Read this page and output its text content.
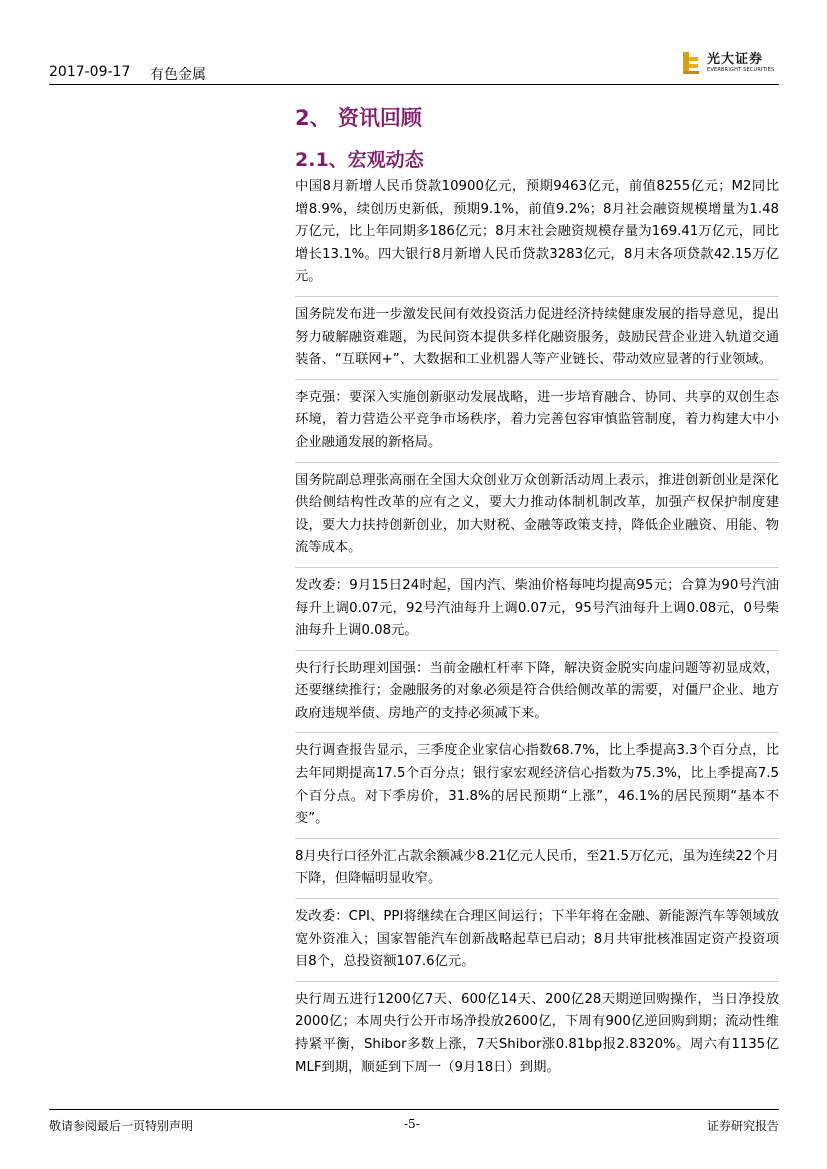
2017-09-17 有色金属
光大证券
EVERBRIGHT SECURITIES
2、 资讯回顾
2.1、宏观动态

中国8月新增人民币贷款10900亿元，预期9463亿元，前值8255亿元；M2同比增8.9%，续创历史新低，预期9.1%，前值9.2%；8月社会融资规模增量为1.48万亿元，比上年同期多186亿元；8月末社会融资规模存量为169.41万亿元，同比增长13.1%。四大银行8月新增人民币贷款3283亿元，8月末各项贷款42.15万亿元。

国务院发布进一步激发民间有效投资活力促进经济持续健康发展的指导意见，提出努力破解融资难题，为民间资本提供多样化融资服务，鼓励民营企业进入轨道交通装备、“互联网+”、大数据和工业机器人等产业链长、带动效应显著的行业领域。

李克强：要深入实施创新驱动发展战略，进一步培育融合、协同、共享的双创生态环境，着力营造公平竞争市场秩序，着力完善包容审慎监管制度，着力构建大中小企业融通发展的新格局。

国务院副总理张高丽在全国大众创业万众创新活动周上表示，推进创新创业是深化供给侧结构性改革的应有之义，要大力推动体制机制改革，加强产权保护制度建设，要大力扶持创新创业，加大财税、金融等政策支持，降低企业融资、用能、物流等成本。

发改委：9月15日24时起，国内汽、柴油价格每吨均提高95元；合算为90号汽油每升上调0.07元，92号汽油每升上调0.07元，95号汽油每升上调0.08元，0号柴油每升上调0.08元。

央行行长助理刘国强：当前金融杠杆率下降，解决资金脱实向虚问题等初显成效，还要继续推行；金融服务的对象必须是符合供给侧改革的需要，对僵尸企业、地方政府违规举债、房地产的支持必须减下来。

央行调查报告显示，三季度企业家信心指数68.7%，比上季提高3.3个百分点，比去年同期提高17.5个百分点；银行家宏观经济信心指数为75.3%，比上季提高7.5个百分点。对下季房价，31.8%的居民预期“上涨”，46.1%的居民预期“基本不变”。

8月央行口径外汇占款余额减少8.21亿元人民币，至21.5万亿元，虽为连续22个月下降，但降幅明显收窄。

发改委：CPI、PPI将继续在合理区间运行；下半年将在金融、新能源汽车等领域放宽外资准入；国家智能汽车创新战略起草已启动；8月共审批核准固定资产投资项目8个，总投资额107.6亿元。

央行周五进行1200亿7天、600亿14天、200亿28天期逆回购操作，当日净投放2000亿；本周央行公开市场净投放2600亿，下周有900亿逆回购到期；流动性维持紧平衡，Shibor多数上涨，7天Shibor涨0.81bp报2.8320%。周六有1135亿MLF到期，顺延到下周一（9月18日）到期。

敬请参阅最后一页特别声明	-5-	证券研究报告
